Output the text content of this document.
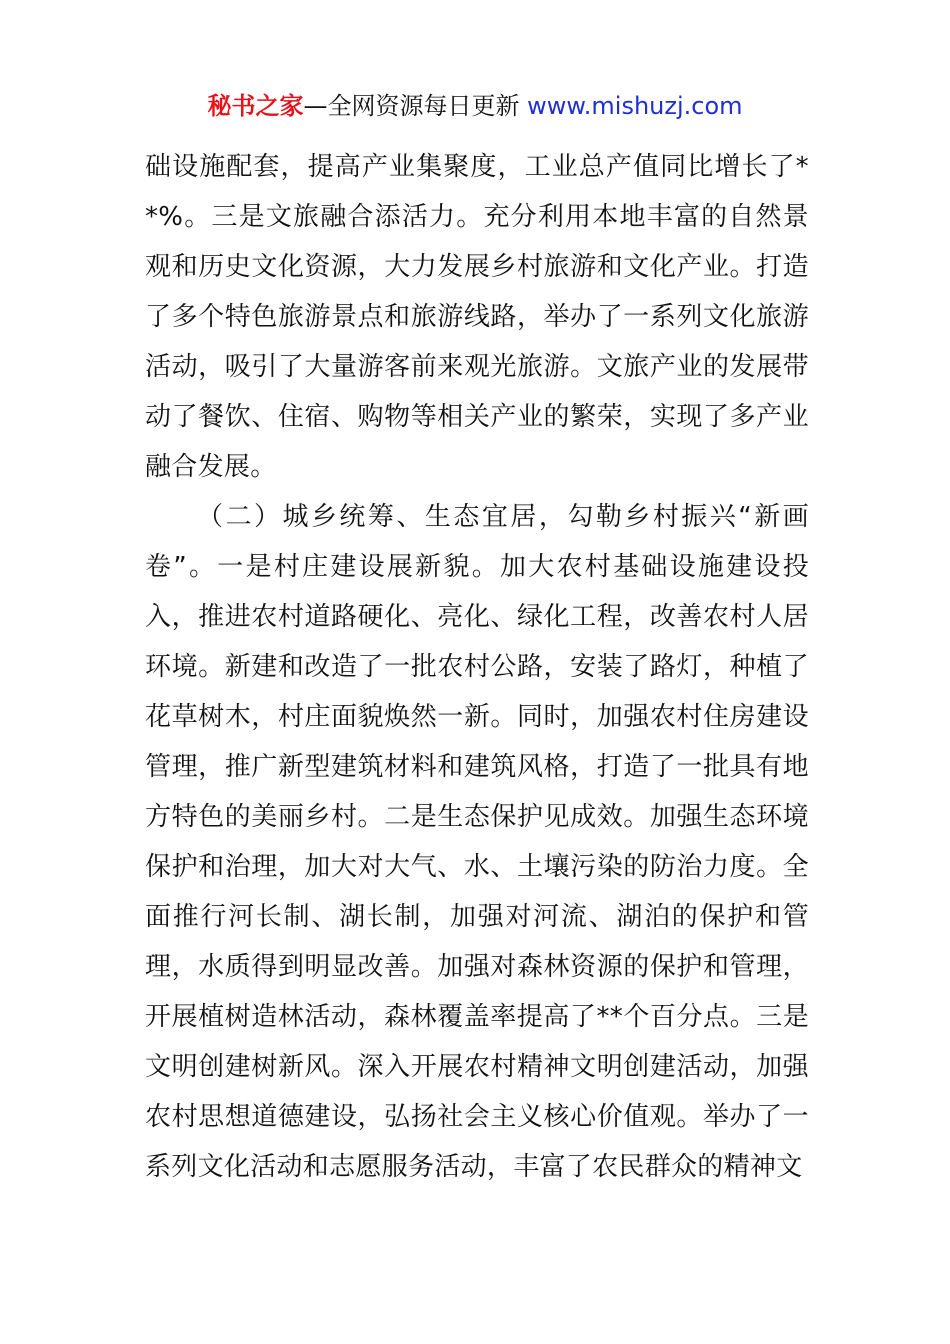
秘书之家—全网资源每日更新 www.mishuzj.com

础设施配套，提高产业集聚度，工业总产值同比增长了**%。三是文旅融合添活力。充分利用本地丰富的自然景观和历史文化资源，大力发展乡村旅游和文化产业。打造了多个特色旅游景点和旅游线路，举办了一系列文化旅游活动，吸引了大量游客前来观光旅游。文旅产业的发展带动了餐饮、住宿、购物等相关产业的繁荣，实现了多产业融合发展。

（二）城乡统筹、生态宜居，勾勒乡村振兴“新画卷”。一是村庄建设展新貌。加大农村基础设施建设投入，推进农村道路硬化、亮化、绿化工程，改善农村人居环境。新建和改造了一批农村公路，安装了路灯，种植了花草树木，村庄面貌焕然一新。同时，加强农村住房建设管理，推广新型建筑材料和建筑风格，打造了一批具有地方特色的美丽乡村。二是生态保护见成效。加强生态环境保护和治理，加大对大气、水、土壤污染的防治力度。全面推行河长制、湖长制，加强对河流、湖泊的保护和管理，水质得到明显改善。加强对森林资源的保护和管理，开展植树造林活动，森林覆盖率提高了**个百分点。三是文明创建树新风。深入开展农村精神文明创建活动，加强农村思想道德建设，弘扬社会主义核心价值观。举办了一系列文化活动和志愿服务活动，丰富了农民群众的精神文
